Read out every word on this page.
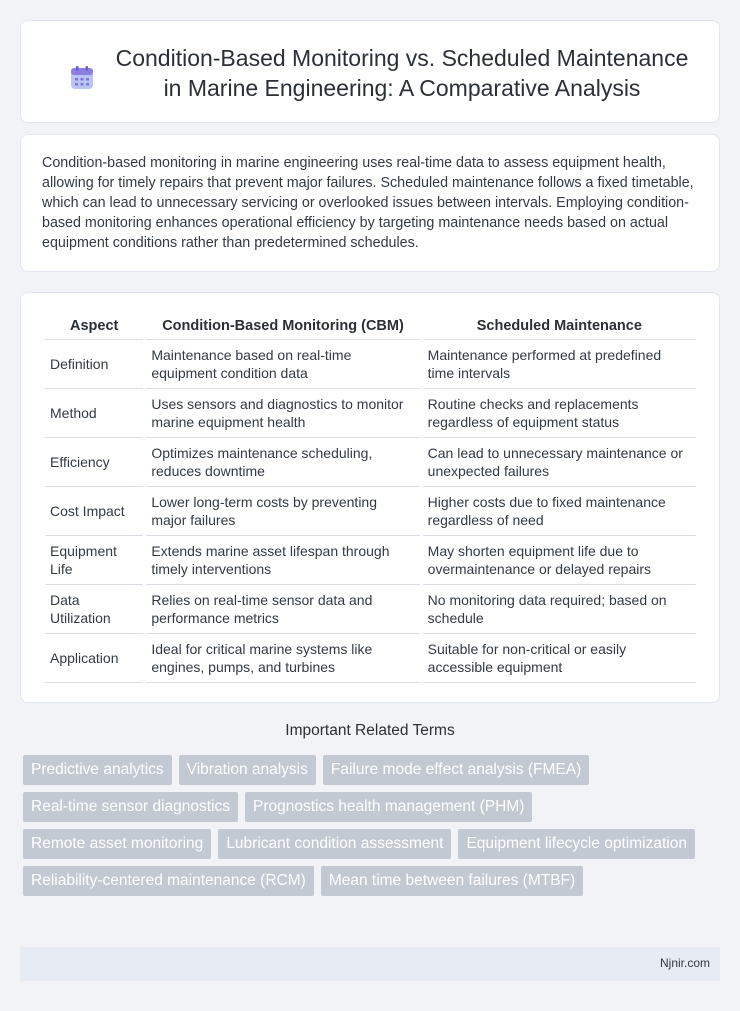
Condition-Based Monitoring vs. Scheduled Maintenance in Marine Engineering: A Comparative Analysis

Condition-based monitoring in marine engineering uses real-time data to assess equipment health, allowing for timely repairs that prevent major failures. Scheduled maintenance follows a fixed timetable, which can lead to unnecessary servicing or overlooked issues between intervals. Employing condition-based monitoring enhances operational efficiency by targeting maintenance needs based on actual equipment conditions rather than predetermined schedules.

Aspect	Condition-Based Monitoring (CBM)	Scheduled Maintenance
Definition	Maintenance based on real-time equipment condition data	Maintenance performed at predefined time intervals
Method	Uses sensors and diagnostics to monitor marine equipment health	Routine checks and replacements regardless of equipment status
Efficiency	Optimizes maintenance scheduling, reduces downtime	Can lead to unnecessary maintenance or unexpected failures
Cost Impact	Lower long-term costs by preventing major failures	Higher costs due to fixed maintenance regardless of need
Equipment Life	Extends marine asset lifespan through timely interventions	May shorten equipment life due to overmaintenance or delayed repairs
Data Utilization	Relies on real-time sensor data and performance metrics	No monitoring data required; based on schedule
Application	Ideal for critical marine systems like engines, pumps, and turbines	Suitable for non-critical or easily accessible equipment
Important Related Terms
Predictive analytics	Vibration analysis	Failure mode effect analysis (FMEA)
Real-time sensor diagnostics	Prognostics health management (PHM)
Remote asset monitoring	Lubricant condition assessment	Equipment lifecycle optimization
Reliability-centered maintenance (RCM)	Mean time between failures (MTBF)
Njnir.com
